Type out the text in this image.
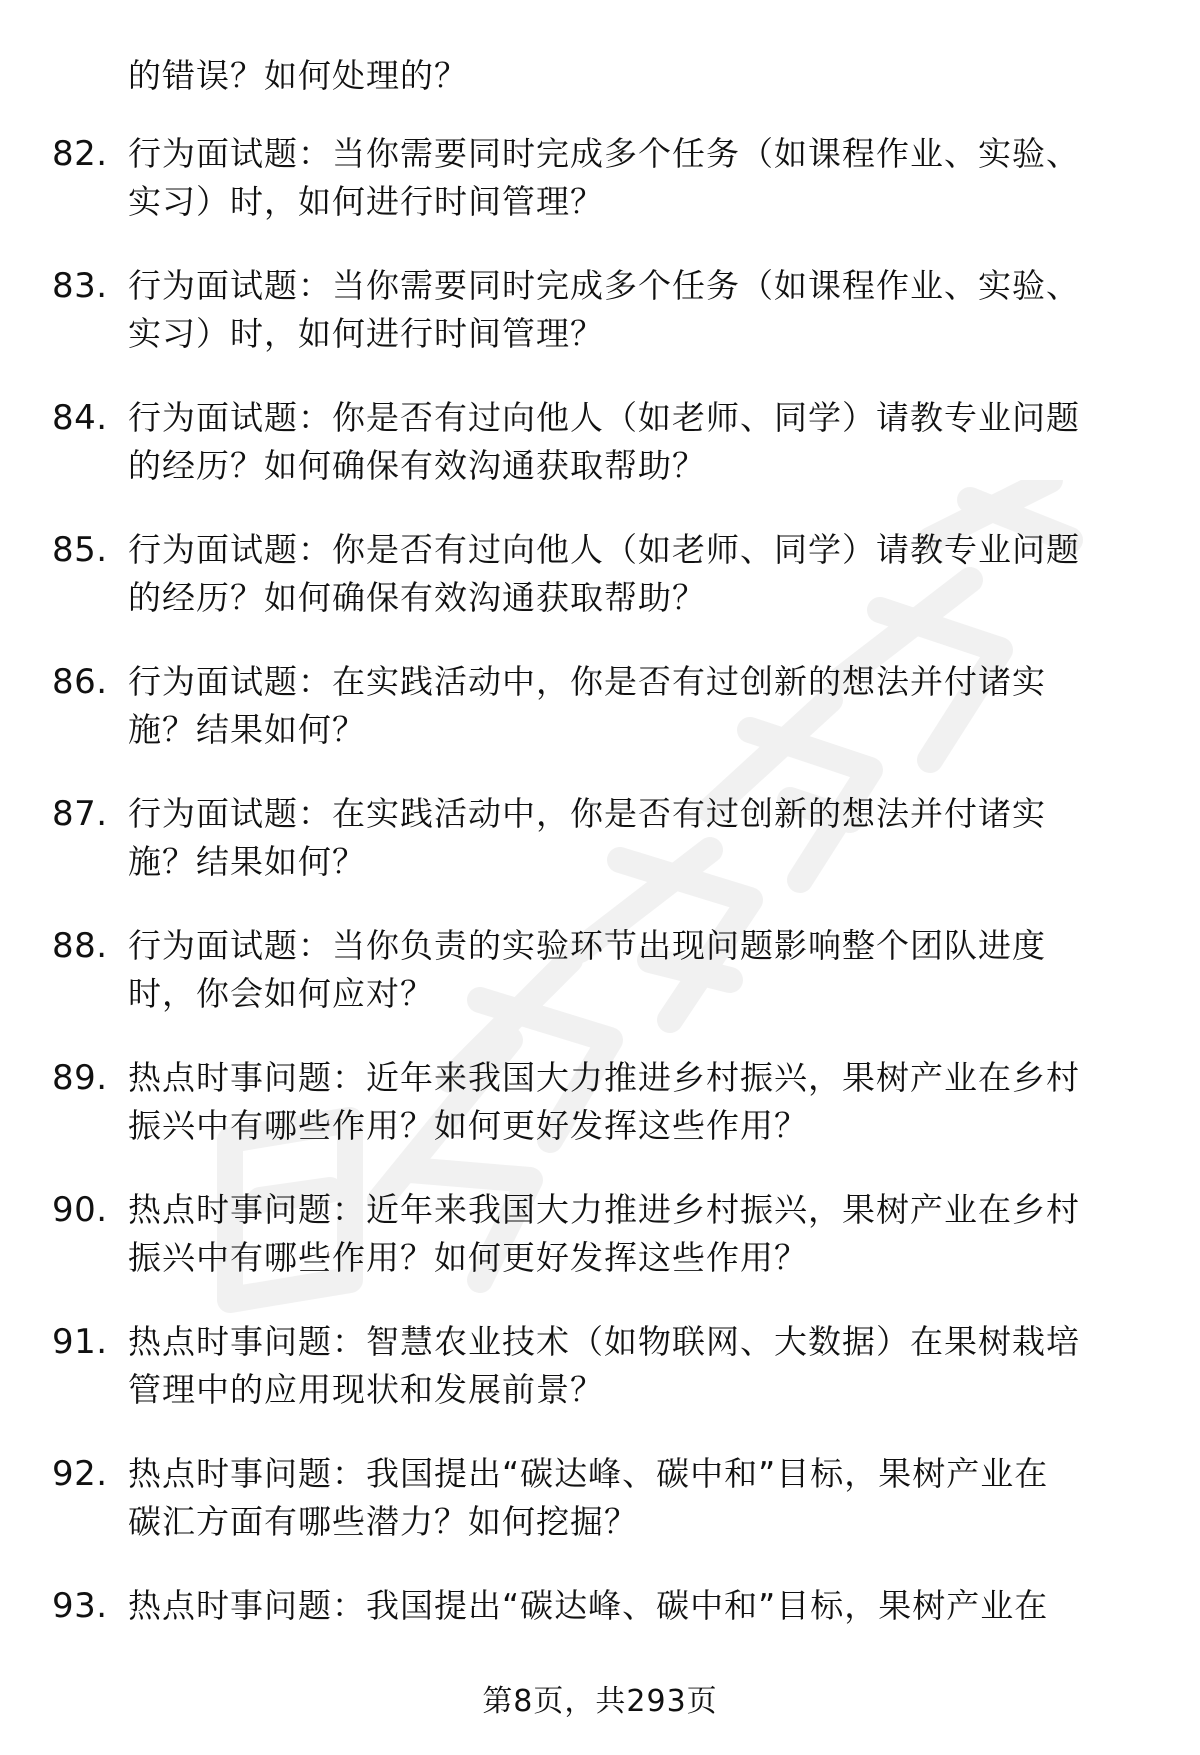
的错误？如何处理的？
82. 行为面试题：当你需要同时完成多个任务（如课程作业、实验、
实习）时，如何进行时间管理？
83. 行为面试题：当你需要同时完成多个任务（如课程作业、实验、
实习）时，如何进行时间管理？
84. 行为面试题：你是否有过向他人（如老师、同学）请教专业问题
的经历？如何确保有效沟通获取帮助？
85. 行为面试题：你是否有过向他人（如老师、同学）请教专业问题
的经历？如何确保有效沟通获取帮助？
86. 行为面试题：在实践活动中，你是否有过创新的想法并付诸实
施？结果如何？
87. 行为面试题：在实践活动中，你是否有过创新的想法并付诸实
施？结果如何？
88. 行为面试题：当你负责的实验环节出现问题影响整个团队进度
时，你会如何应对？
89. 热点时事问题：近年来我国大力推进乡村振兴，果树产业在乡村
振兴中有哪些作用？如何更好发挥这些作用？
90. 热点时事问题：近年来我国大力推进乡村振兴，果树产业在乡村
振兴中有哪些作用？如何更好发挥这些作用？
91. 热点时事问题：智慧农业技术（如物联网、大数据）在果树栽培
管理中的应用现状和发展前景？
92. 热点时事问题：我国提出“碳达峰、碳中和”目标，果树产业在
碳汇方面有哪些潜力？如何挖掘？
93. 热点时事问题：我国提出“碳达峰、碳中和”目标，果树产业在
第8页，共293页
